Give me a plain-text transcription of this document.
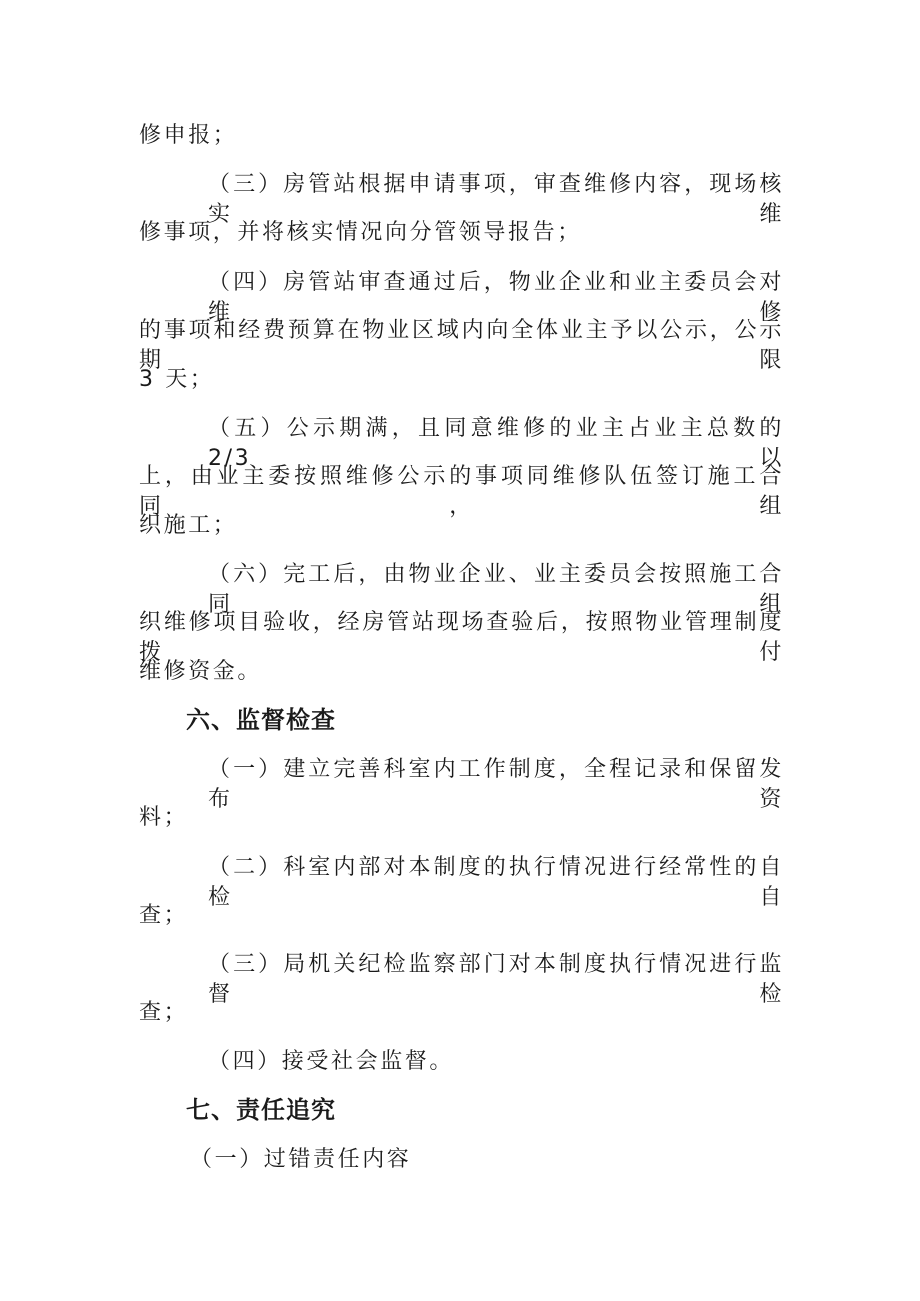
修申报；
（三）房管站根据申请事项，审查维修内容，现场核实维
修事项，并将核实情况向分管领导报告；
（四）房管站审查通过后，物业企业和业主委员会对维修
的事项和经费预算在物业区域内向全体业主予以公示，公示期限
3 天；
（五）公示期满，且同意维修的业主占业主总数的 2/3 以
上，由业主委按照维修公示的事项同维修队伍签订施工合同，组
织施工；
（六）完工后，由物业企业、业主委员会按照施工合同组
织维修项目验收，经房管站现场查验后，按照物业管理制度拨付
维修资金。
六、监督检查
（一）建立完善科室内工作制度，全程记录和保留发布资
料；
（二）科室内部对本制度的执行情况进行经常性的自检自
查；
（三）局机关纪检监察部门对本制度执行情况进行监督检
查；
（四）接受社会监督。
七、责任追究
（一）过错责任内容
